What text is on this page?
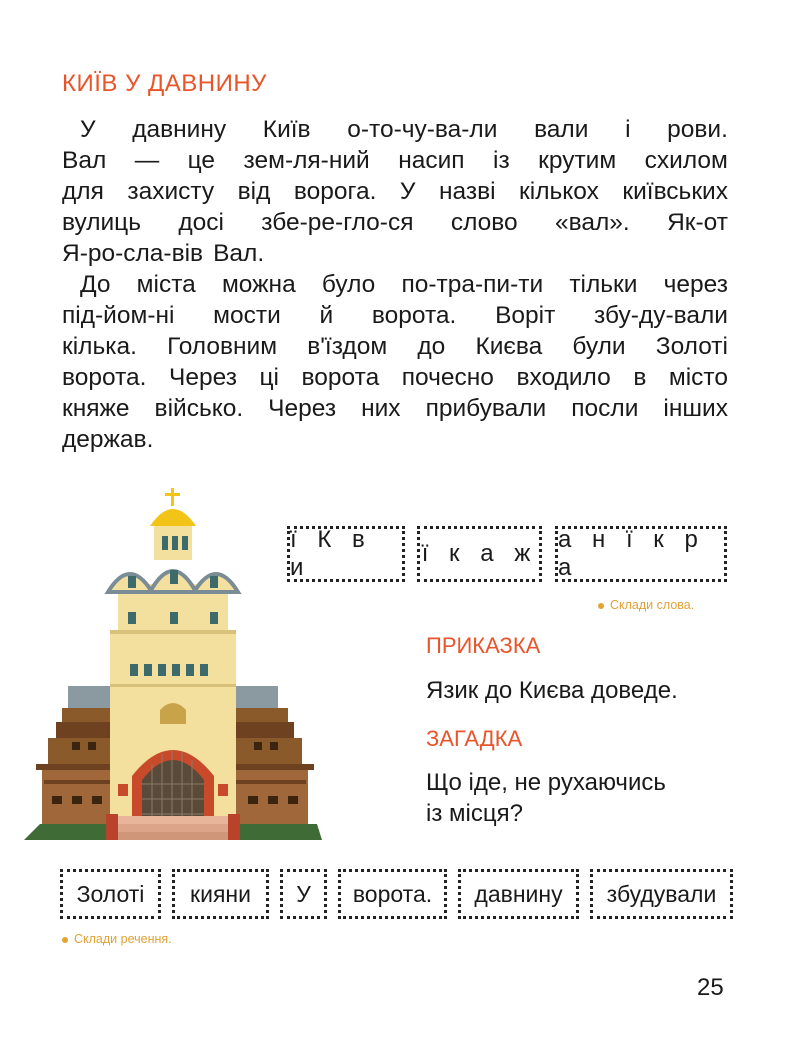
КИЇВ У ДАВНИНУ
У давнину Київ о-то-чу-ва-ли вали і рови.
Вал — це зем-ля-ний насип із крутим схилом
для захисту від ворога. У назві кількох київських
вулиць досі збе-ре-гло-ся слово «вал». Як-от
Я-ро-сла-вів Вал.
До міста можна було по-тра-пи-ти тільки через
під-йом-ні мости й ворота. Воріт збу-ду-вали
кілька. Головним в'їздом до Києва були Золоті
ворота. Через ці ворота почесно входило в місто
княже військо. Через них прибували посли інших
держав.
ї К в и
ї к а ж
а н ї к р а
Склади слова.
ПРИКАЗКА
Язик до Києва доведе.
ЗАГАДКА
Що іде, не рухаючись
із місця?
Золоті	кияни	У	ворота.	давнину	збудували
Склади речення.
25
